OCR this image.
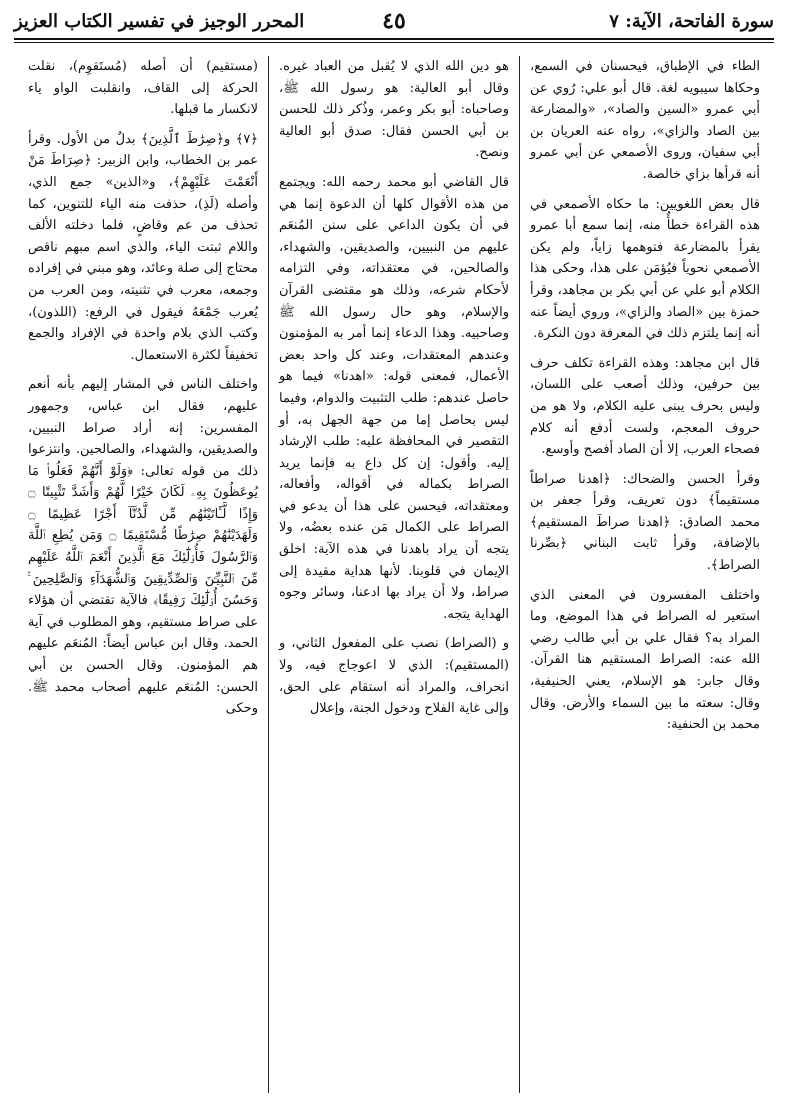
سورة الفاتحة، الآية: ٧
٤٥
المحرر الوجيز في تفسير الكتاب العزيز

الطاء في الإطباق، فيحسنان في السمع، وحكاها سيبويه لغة. قال أبو علي: رُوي عن أبي عمرو «السين والصاد»، «والمضارعة بين الصاد والزاي»، رواه عنه العريان بن أبي سفيان، وروى الأصمعي عن أبي عمرو أنه قرأها بزاي خالصة.

قال بعض اللغويين: ما حكاه الأصمعي في هذه القراءة خطأٌ منه، إنما سمع أبا عمرو يقرأ بالمضارعة فتوهمها زاياً، ولم يكن الأصمعي نحوياً فيُؤمَن على هذا، وحكى هذا الكلام أبو علي عن أبي بكر بن مجاهد، وقرأ حمزة بين «الصاد والزاي»، وروي أيضاً عنه أنه إنما يلتزم ذلك في المعرفة دون النكرة.

قال ابن مجاهد: وهذه القراءة تكلف حرف بين حرفين، وذلك أصعب على اللسان، وليس بحرف يبنى عليه الكلام، ولا هو من حروف المعجم، ولست أدفع أنه كلام فصحاء العرب، إلا أن الصاد أفصح وأوسع.

وقرأ الحسن والضحاك: ﴿اهدنا صراطاً مستقيماً﴾ دون تعريف، وقرأ جعفر بن محمد الصادق: ﴿اهدنا صراطَ المستقيم﴾ بالإضافة، وقرأ ثابت البناني ﴿بصِّرنا الصراط﴾.

واختلف المفسرون في المعنى الذي استعير له الصراط في هذا الموضع، وما المراد به؟ فقال علي بن أبي طالب رضي الله عنه: الصراط المستقيم هنا القرآن. وقال جابر: هو الإسلام، يعني الحنيفية، وقال: سعته ما بين السماء والأرض. وقال محمد بن الحنفية:

هو دين الله الذي لا يُقبل من العباد غيره. وقال أبو العالية: هو رسول الله ﷺ، وصاحباه: أبو بكر وعمر، وذُكر ذلك للحسن بن أبي الحسن فقال: صدق أبو العالية ونصح.

قال القاضي أبو محمد رحمه الله: ويجتمع من هذه الأقوال كلها أن الدعوة إنما هي في أن يكون الداعي على سنن المُنعَم عليهم من النبيين، والصديقين، والشهداء، والصالحين، في معتقداته، وفي التزامه لأحكام شرعه، وذلك هو مقتضى القرآن والإسلام، وهو حال رسول الله ﷺ وصاحبيه. وهذا الدعاء إنما أمر به المؤمنون وعندهم المعتقدات، وعند كل واحد بعض الأعمال، فمعنى قوله: «اهدنا» فيما هو حاصل عندهم: طلب التثبيت والدوام، وفيما ليس بحاصل إما من جهة الجهل به، أو التقصير في المحافظة عليه: طلب الإرشاد إليه. وأقول: إن كل داع به فإنما يريد الصراط بكماله في أقواله، وأفعاله، ومعتقداته، فيحسن على هذا أن يدعو في الصراط على الكمال مَن عنده بعضُه، ولا يتجه أن يراد باهدنا في هذه الآية: اخلق الإيمان في قلوبنا. لأنها هداية مقيدة إلى صراط، ولا أن يراد بها ادعنا، وسائر وجوه الهداية يتجه.

و (الصراط) نصب على المفعول الثاني، و (المستقيم): الذي لا اعوجاج فيه، ولا انحراف، والمراد أنه استقام على الحق، وإلى غاية الفلاح ودخول الجنة، وإعلال

(مستقيم) أن أصله (مُستَقوِم)، نقلت الحركة إلى القاف، وانقلبت الواو ياء لانكسار ما قبلها.

﴿٧﴾ و﴿صِرَٰطَ ٱلَّذِينَ﴾ بدلٌ من الأول. وقرأ عمر بن الخطاب، وابن الزبير: ﴿صِرَاطَ مَنْ أَنْعَمْتَ عَلَيْهِمْ﴾، و«الذين» جمع الذي، وأصله (لَذِ)، حذفت منه الياء للتنوين، كما تحذف من عم وقاضٍ، فلما دخلته الألف واللام ثبتت الياء، والذي اسم مبهم ناقص محتاج إلى صلة وعائد، وهو مبني في إفراده وجمعه، معرب في تثنيته، ومن العرب من يُعرب جَمْعَهُ فيقول في الرفع: (اللذون)، وكتب الذي بلام واحدة في الإفراد والجمع تخفيفاً لكثرة الاستعمال.

واختلف الناس في المشار إليهم بأنه أنعم عليهم، فقال ابن عباس، وجمهور المفسرين: إنه أراد صراط النبيين، والصديقين، والشهداء، والصالحين. وانتزعوا ذلك من قوله تعالى: ﴿وَلَوْ أَنَّهُمْ فَعَلُوا۟ مَا يُوعَظُونَ بِهِۦ لَكَانَ خَيْرًا لَّهُمْ وَأَشَدَّ تَثْبِيتًا ۝ وَإِذًا لَّـَٔاتَيْنَٰهُم مِّن لَّدُنَّآ أَجْرًا عَظِيمًا ۝ وَلَهَدَيْنَٰهُمْ صِرَٰطًا مُّسْتَقِيمًا ۝ وَمَن يُطِعِ ٱللَّهَ وَٱلرَّسُولَ فَأُو۟لَٰٓئِكَ مَعَ ٱلَّذِينَ أَنْعَمَ ٱللَّهُ عَلَيْهِم مِّنَ ٱلنَّبِيِّـۧنَ وَٱلصِّدِّيقِينَ وَٱلشُّهَدَآءِ وَٱلصَّٰلِحِينَ ۚ وَحَسُنَ أُو۟لَٰٓئِكَ رَفِيقًا﴾ فالآية تقتضي أن هؤلاء على صراط مستقيم، وهو المطلوب في آية الحمد. وقال ابن عباس أيضاً: المُنعَم عليهم هم المؤمنون. وقال الحسن بن أبي الحسن: المُنعَم عليهم أصحاب محمد ﷺ. وحكى
